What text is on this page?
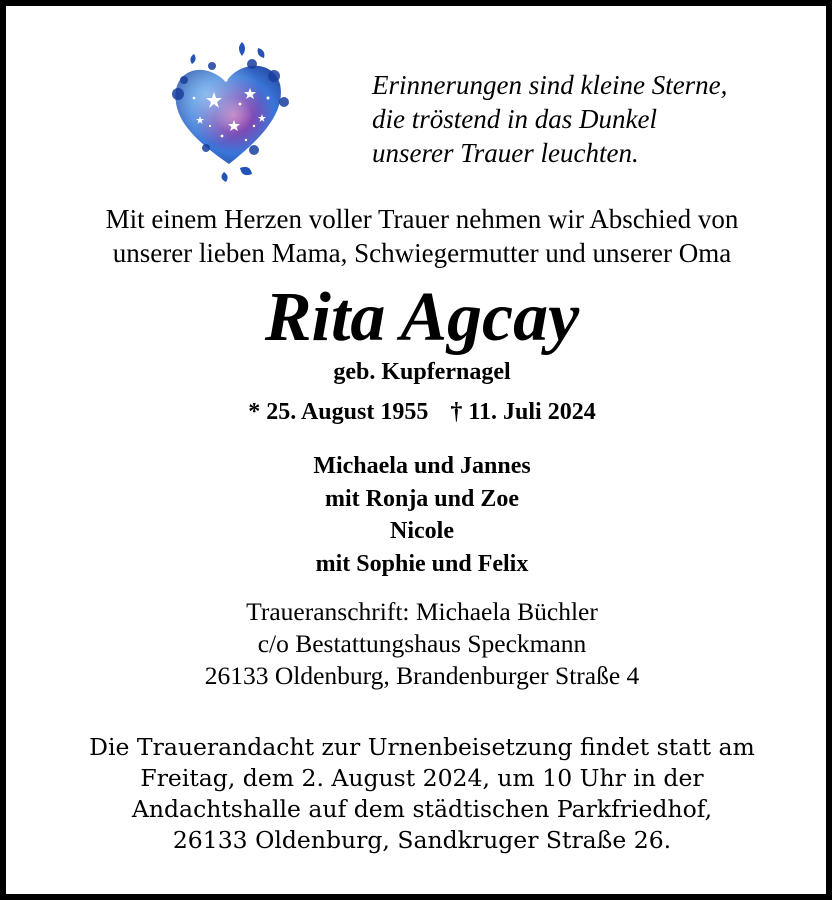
Erinnerungen sind kleine Sterne,
die tröstend in das Dunkel
unserer Trauer leuchten.
Mit einem Herzen voller Trauer nehmen wir Abschied von
unserer lieben Mama, Schwiegermutter und unserer Oma
Rita Agcay
geb. Kupfernagel
* 25. August 1955 † 11. Juli 2024
Michaela und Jannes
mit Ronja und Zoe
Nicole
mit Sophie und Felix
Traueranschrift: Michaela Büchler
c/o Bestattungshaus Speckmann
26133 Oldenburg, Brandenburger Straße 4
Die Trauerandacht zur Urnenbeisetzung findet statt am
Freitag, dem 2. August 2024, um 10 Uhr in der
Andachtshalle auf dem städtischen Parkfriedhof,
26133 Oldenburg, Sandkruger Straße 26.
